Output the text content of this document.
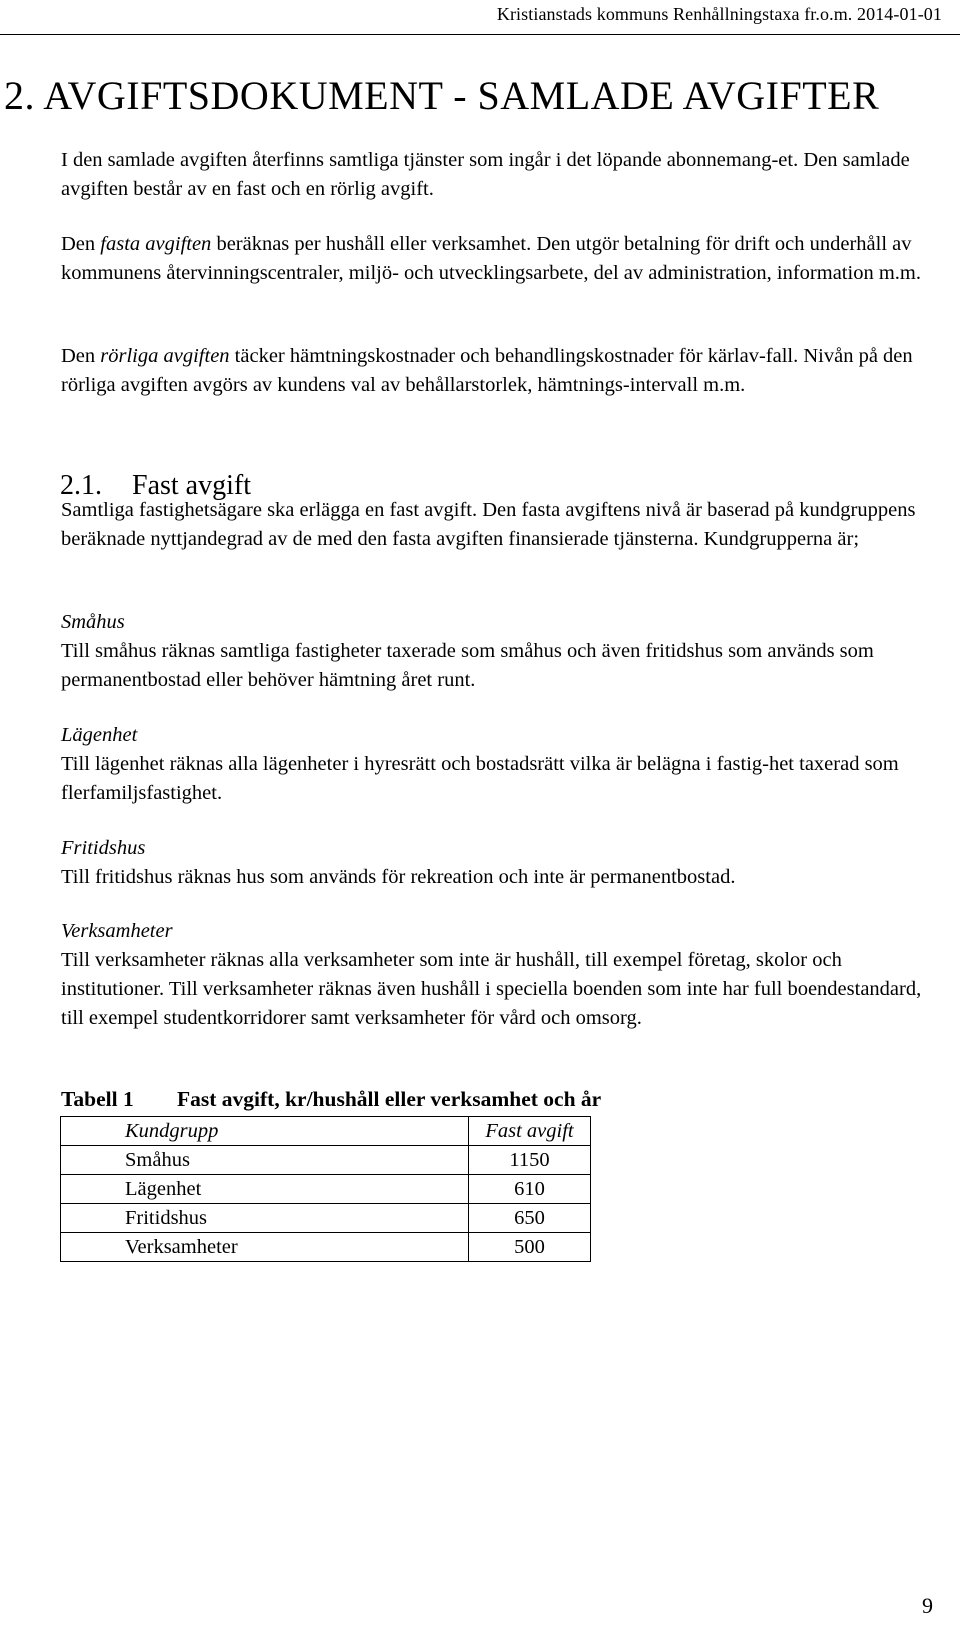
Kristianstads kommuns Renhållningstaxa fr.o.m. 2014-01-01
2. AVGIFTSDOKUMENT - SAMLADE AVGIFTER

I den samlade avgiften återfinns samtliga tjänster som ingår i det löpande abonnemang-et. Den samlade avgiften består av en fast och en rörlig avgift.

Den fasta avgiften beräknas per hushåll eller verksamhet. Den utgör betalning för drift och underhåll av kommunens återvinningscentraler, miljö- och utvecklingsarbete, del av administration, information m.m.

Den rörliga avgiften täcker hämtningskostnader och behandlingskostnader för kärlav-fall. Nivån på den rörliga avgiften avgörs av kundens val av behållarstorlek, hämtnings-intervall m.m.

2.1. Fast avgift

Samtliga fastighetsägare ska erlägga en fast avgift. Den fasta avgiftens nivå är baserad på kundgruppens beräknade nyttjandegrad av de med den fasta avgiften finansierade tjänsterna. Kundgrupperna är;

Småhus

Till småhus räknas samtliga fastigheter taxerade som småhus och även fritidshus som används som permanentbostad eller behöver hämtning året runt.

Lägenhet

Till lägenhet räknas alla lägenheter i hyresrätt och bostadsrätt vilka är belägna i fastig-het taxerad som flerfamiljsfastighet.

Fritidshus

Till fritidshus räknas hus som används för rekreation och inte är permanentbostad.

Verksamheter

Till verksamheter räknas alla verksamheter som inte är hushåll, till exempel företag, skolor och institutioner. Till verksamheter räknas även hushåll i speciella boenden som inte har full boendestandard, till exempel studentkorridorer samt verksamheter för vård och omsorg.

Tabell 1 Fast avgift, kr/hushåll eller verksamhet och år
Kundgrupp	Fast avgift
Småhus	1150
Lägenhet	610
Fritidshus	650
Verksamheter	500
9
